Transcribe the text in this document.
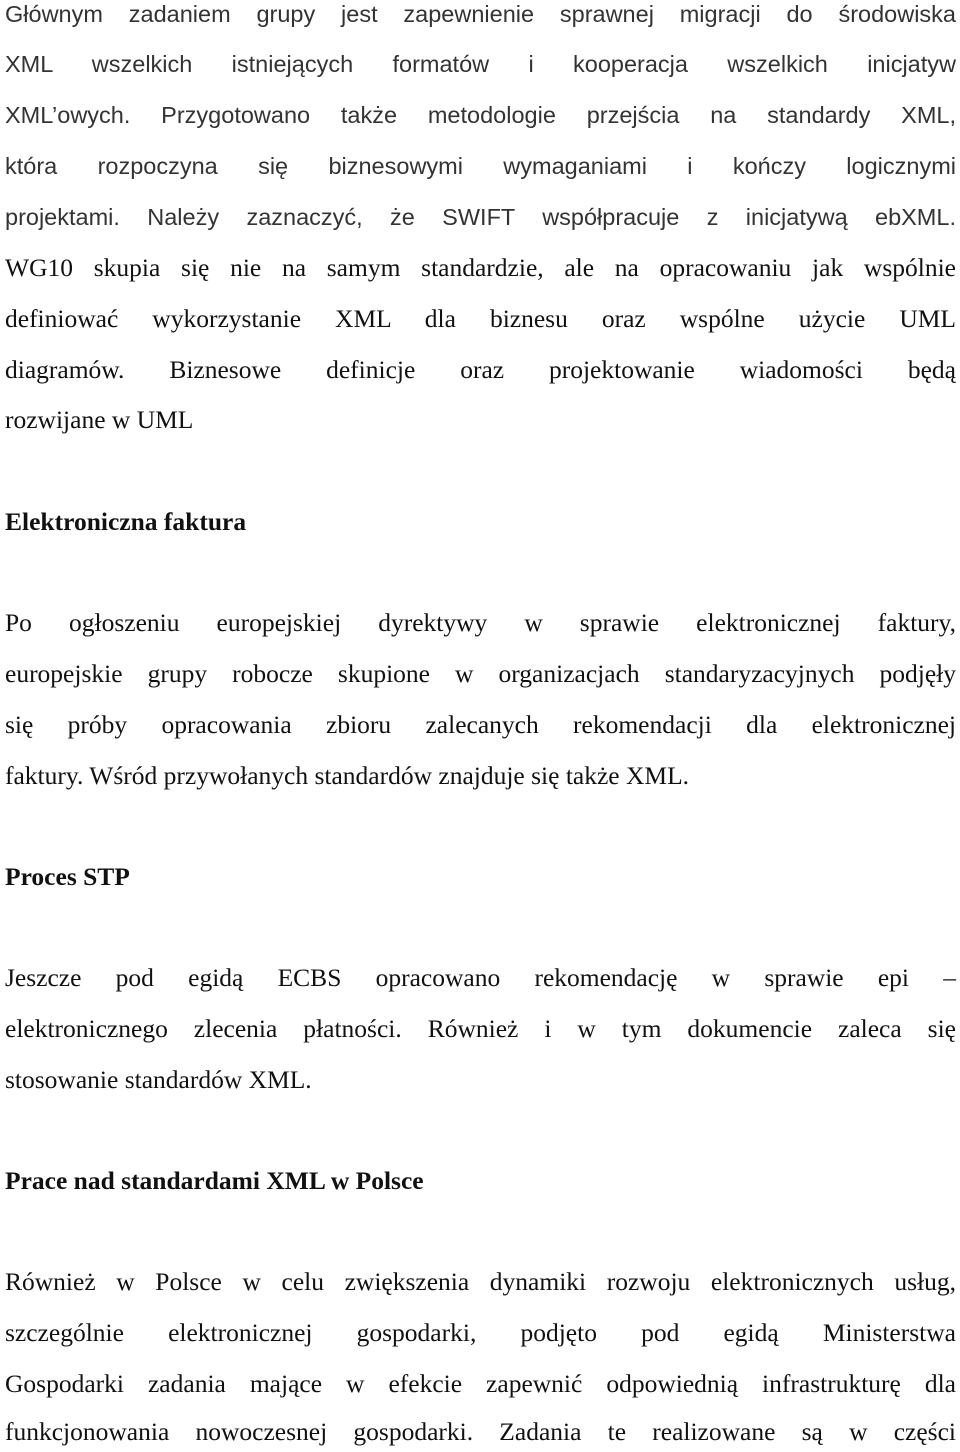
Głównym zadaniem grupy jest zapewnienie sprawnej migracji do środowiska
XML wszelkich istniejących formatów i kooperacja wszelkich inicjatyw
XML’owych. Przygotowano także metodologie przejścia na standardy XML,
która rozpoczyna się biznesowymi wymaganiami i kończy logicznymi
projektami. Należy zaznaczyć, że SWIFT współpracuje z inicjatywą ebXML.
WG10 skupia się nie na samym standardzie, ale na opracowaniu jak wspólnie
definiować wykorzystanie XML dla biznesu oraz wspólne użycie UML
diagramów. Biznesowe definicje oraz projektowanie wiadomości będą
rozwijane w UML
Elektroniczna faktura
Po ogłoszeniu europejskiej dyrektywy w sprawie elektronicznej faktury,
europejskie grupy robocze skupione w organizacjach standaryzacyjnych podjęły
się próby opracowania zbioru zalecanych rekomendacji dla elektronicznej
faktury. Wśród przywołanych standardów znajduje się także XML.
Proces STP
Jeszcze pod egidą ECBS opracowano rekomendację w sprawie epi –
elektronicznego zlecenia płatności. Również i w tym dokumencie zaleca się
stosowanie standardów XML.
Prace nad standardami XML w Polsce
Również w Polsce w celu zwiększenia dynamiki rozwoju elektronicznych usług,
szczególnie elektronicznej gospodarki, podjęto pod egidą Ministerstwa
Gospodarki zadania mające w efekcie zapewnić odpowiednią infrastrukturę dla
funkcjonowania nowoczesnej gospodarki. Zadania te realizowane są w części
